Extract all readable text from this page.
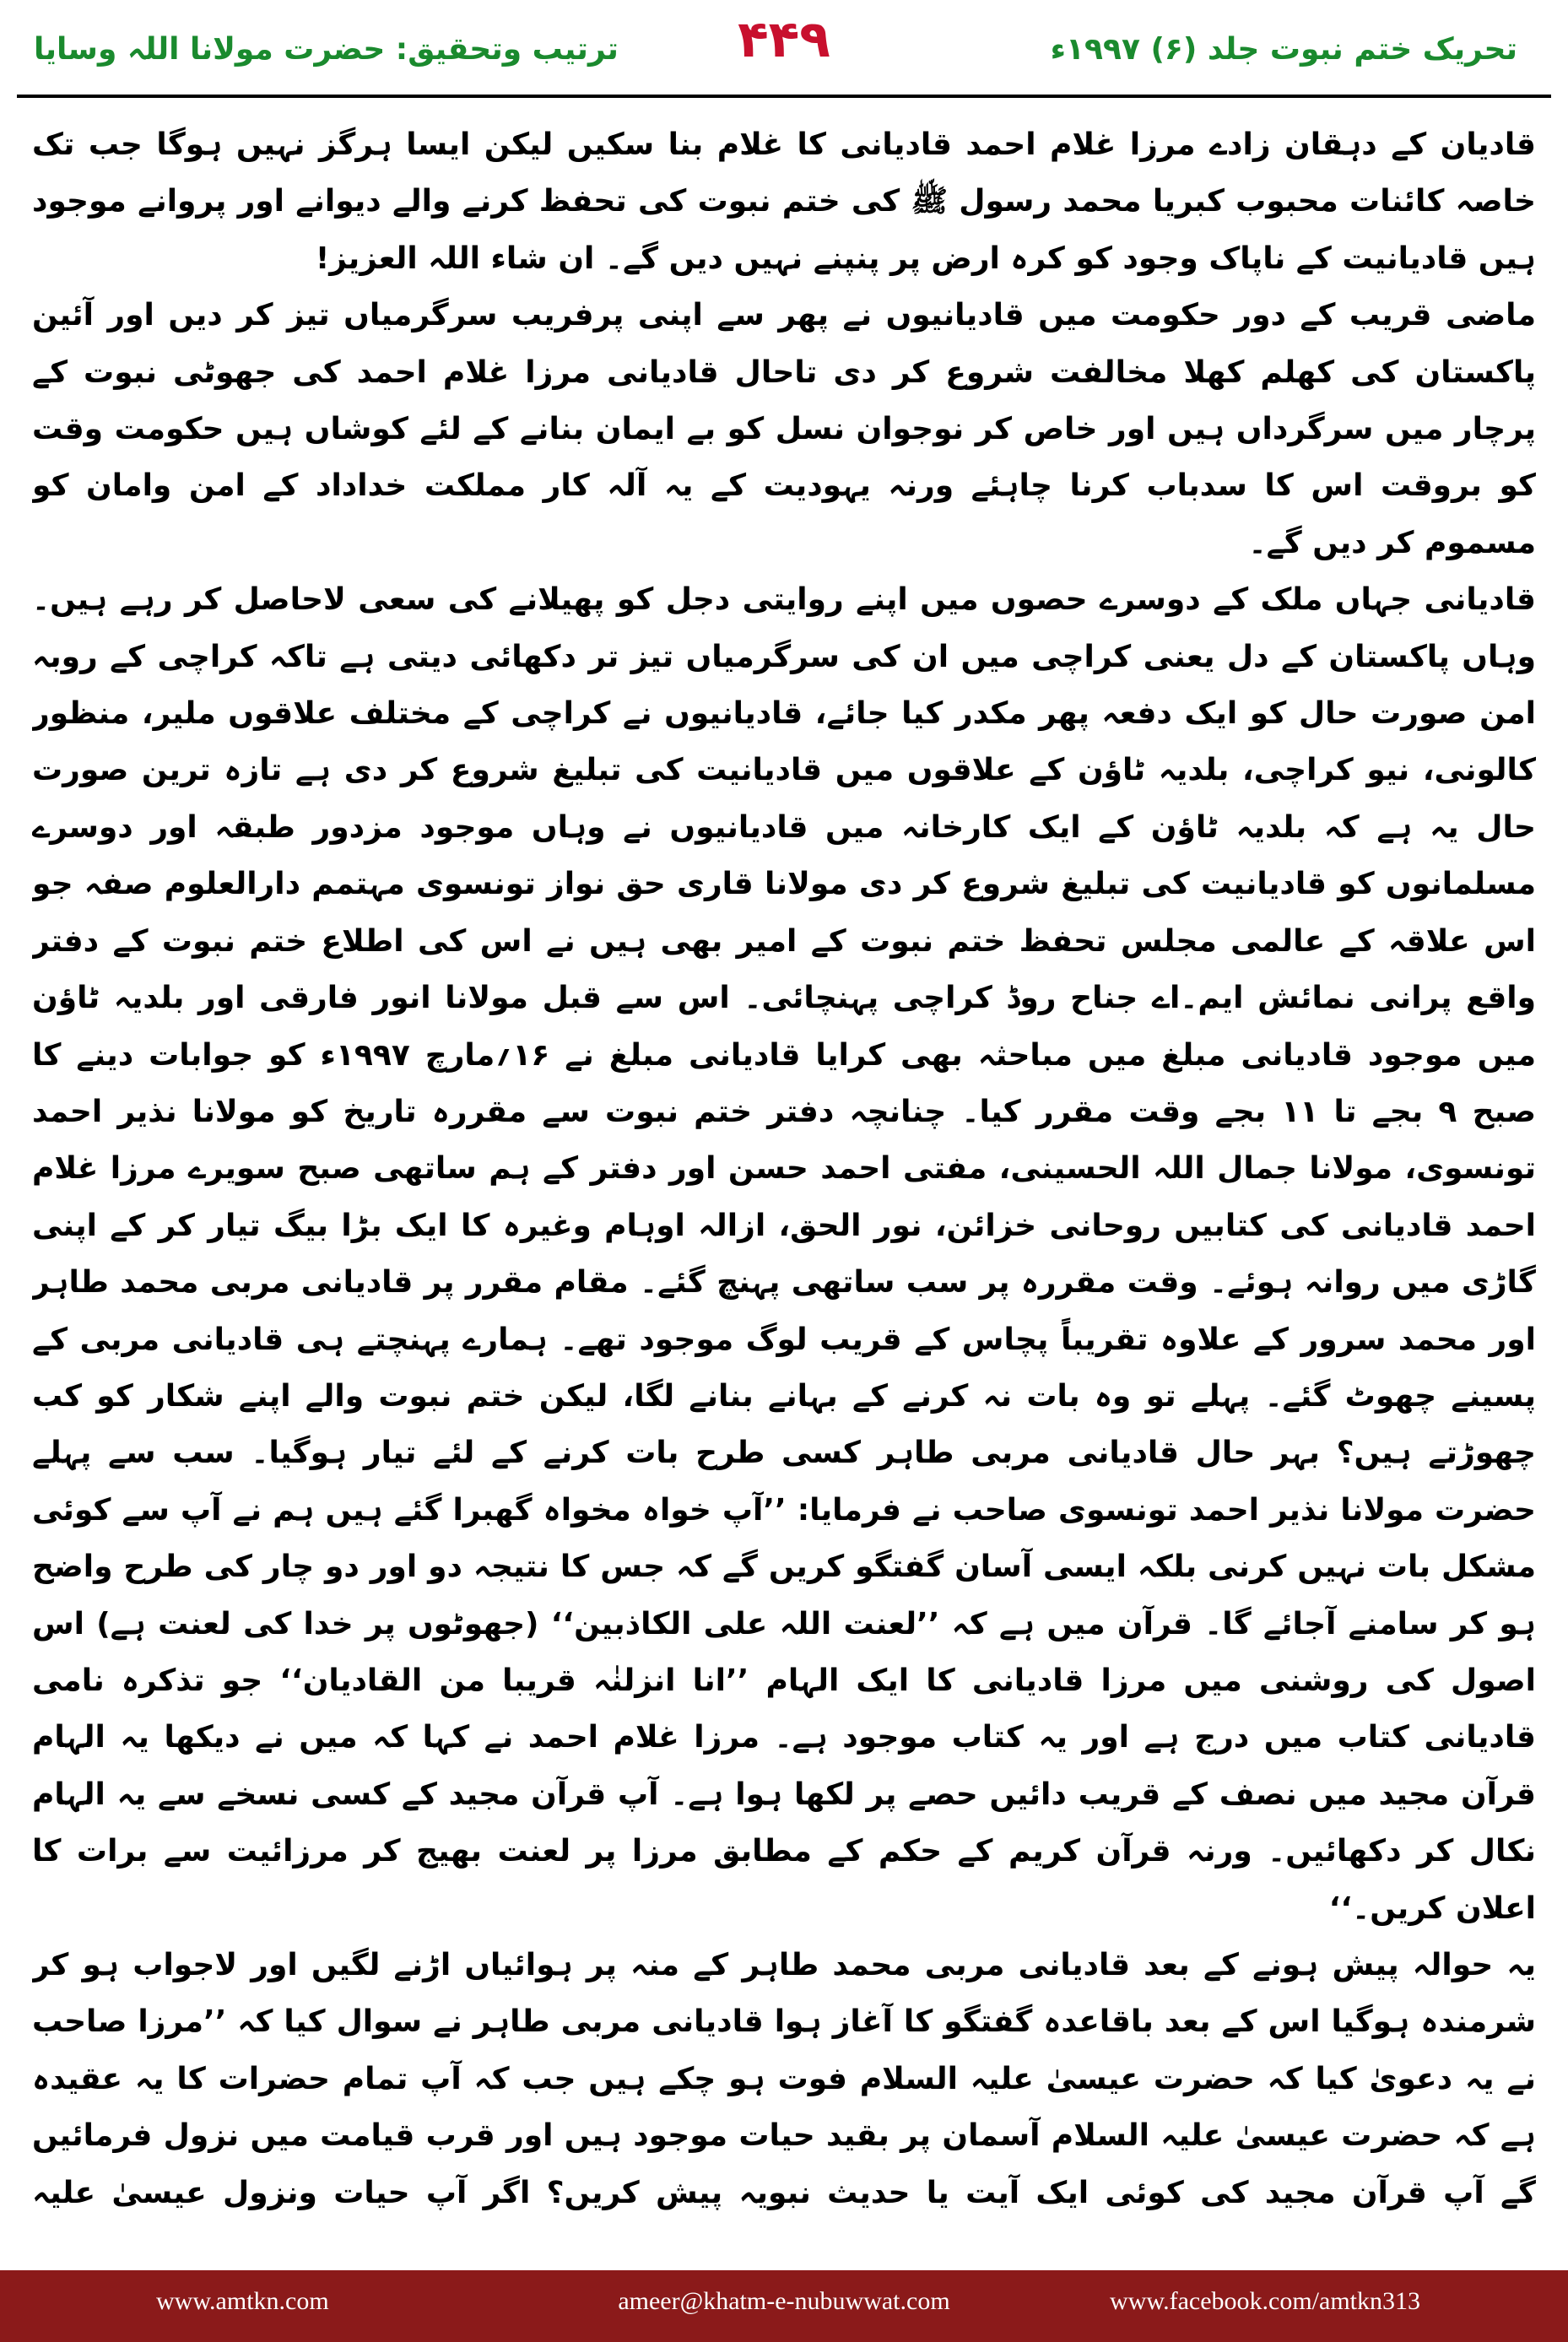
ترتیب وتحقیق: حضرت مولانا اللہ وسایا	۴۴۹	تحریک ختم نبوت جلد (۶) ۱۹۹۷ء

قادیان کے دہقان زادے مرزا غلام احمد قادیانی کا غلام بنا سکیں لیکن ایسا ہرگز نہیں ہوگا جب تک خاصہ کائنات محبوب کبریا محمد رسول ﷺ کی ختم نبوت کی تحفظ کرنے والے دیوانے اور پروانے موجود ہیں قادیانیت کے ناپاک وجود کو کرہ ارض پر پنپنے نہیں دیں گے۔ ان شاء اللہ العزیز!

ماضی قریب کے دور حکومت میں قادیانیوں نے پھر سے اپنی پرفریب سرگرمیاں تیز کر دیں اور آئین پاکستان کی کھلم کھلا مخالفت شروع کر دی تاحال قادیانی مرزا غلام احمد کی جھوٹی نبوت کے پرچار میں سرگرداں ہیں اور خاص کر نوجوان نسل کو بے ایمان بنانے کے لئے کوشاں ہیں حکومت وقت کو بروقت اس کا سدباب کرنا چاہئے ورنہ یہودیت کے یہ آلہ کار مملکت خداداد کے امن وامان کو مسموم کر دیں گے۔

قادیانی جہاں ملک کے دوسرے حصوں میں اپنے روایتی دجل کو پھیلانے کی سعی لاحاصل کر رہے ہیں۔ وہاں پاکستان کے دل یعنی کراچی میں ان کی سرگرمیاں تیز تر دکھائی دیتی ہے تاکہ کراچی کے روبہ امن صورت حال کو ایک دفعہ پھر مکدر کیا جائے، قادیانیوں نے کراچی کے مختلف علاقوں ملیر، منظور کالونی، نیو کراچی، بلدیہ ٹاؤن کے علاقوں میں قادیانیت کی تبلیغ شروع کر دی ہے تازہ ترین صورت حال یہ ہے کہ بلدیہ ٹاؤن کے ایک کارخانہ میں قادیانیوں نے وہاں موجود مزدور طبقہ اور دوسرے مسلمانوں کو قادیانیت کی تبلیغ شروع کر دی مولانا قاری حق نواز تونسوی مہتمم دارالعلوم صفہ جو اس علاقہ کے عالمی مجلس تحفظ ختم نبوت کے امیر بھی ہیں نے اس کی اطلاع ختم نبوت کے دفتر واقع پرانی نمائش ایم۔اے جناح روڈ کراچی پہنچائی۔ اس سے قبل مولانا انور فارقی اور بلدیہ ٹاؤن میں موجود قادیانی مبلغ میں مباحثہ بھی کرایا قادیانی مبلغ نے ۱۶؍مارچ ۱۹۹۷ء کو جوابات دینے کا صبح ۹ بجے تا ۱۱ بجے وقت مقرر کیا۔ چنانچہ دفتر ختم نبوت سے مقررہ تاریخ کو مولانا نذیر احمد تونسوی، مولانا جمال اللہ الحسینی، مفتی احمد حسن اور دفتر کے ہم ساتھی صبح سویرے مرزا غلام احمد قادیانی کی کتابیں روحانی خزائن، نور الحق، ازالہ اوہام وغیرہ کا ایک بڑا بیگ تیار کر کے اپنی گاڑی میں روانہ ہوئے۔ وقت مقررہ پر سب ساتھی پہنچ گئے۔ مقام مقرر پر قادیانی مربی محمد طاہر اور محمد سرور کے علاوہ تقریباً پچاس کے قریب لوگ موجود تھے۔ ہمارے پہنچتے ہی قادیانی مربی کے پسینے چھوٹ گئے۔ پہلے تو وہ بات نہ کرنے کے بہانے بنانے لگا، لیکن ختم نبوت والے اپنے شکار کو کب چھوڑتے ہیں؟ بہر حال قادیانی مربی طاہر کسی طرح بات کرنے کے لئے تیار ہوگیا۔ سب سے پہلے حضرت مولانا نذیر احمد تونسوی صاحب نے فرمایا: ’’آپ خواہ مخواہ گھبرا گئے ہیں ہم نے آپ سے کوئی مشکل بات نہیں کرنی بلکہ ایسی آسان گفتگو کریں گے کہ جس کا نتیجہ دو اور دو چار کی طرح واضح ہو کر سامنے آجائے گا۔ قرآن میں ہے کہ ’’لعنت اللہ علی الکاذبین‘‘ (جھوٹوں پر خدا کی لعنت ہے) اس اصول کی روشنی میں مرزا قادیانی کا ایک الہام ’’انا انزلنٰہ قریبا من القادیان‘‘ جو تذکرہ نامی قادیانی کتاب میں درج ہے اور یہ کتاب موجود ہے۔ مرزا غلام احمد نے کہا کہ میں نے دیکھا یہ الہام قرآن مجید میں نصف کے قریب دائیں حصے پر لکھا ہوا ہے۔ آپ قرآن مجید کے کسی نسخے سے یہ الہام نکال کر دکھائیں۔ ورنہ قرآن کریم کے حکم کے مطابق مرزا پر لعنت بھیج کر مرزائیت سے برات کا اعلان کریں۔‘‘

یہ حوالہ پیش ہونے کے بعد قادیانی مربی محمد طاہر کے منہ پر ہوائیاں اڑنے لگیں اور لاجواب ہو کر شرمندہ ہوگیا اس کے بعد باقاعدہ گفتگو کا آغاز ہوا قادیانی مربی طاہر نے سوال کیا کہ ’’مرزا صاحب نے یہ دعویٰ کیا کہ حضرت عیسیٰ علیہ السلام فوت ہو چکے ہیں جب کہ آپ تمام حضرات کا یہ عقیدہ ہے کہ حضرت عیسیٰ علیہ السلام آسمان پر بقید حیات موجود ہیں اور قرب قیامت میں نزول فرمائیں گے آپ قرآن مجید کی کوئی ایک آیت یا حدیث نبویہ پیش کریں؟ اگر آپ حیات ونزول عیسیٰ علیہ

www.amtkn.com	ameer@khatm-e-nubuwwat.com	www.facebook.com/amtkn313
